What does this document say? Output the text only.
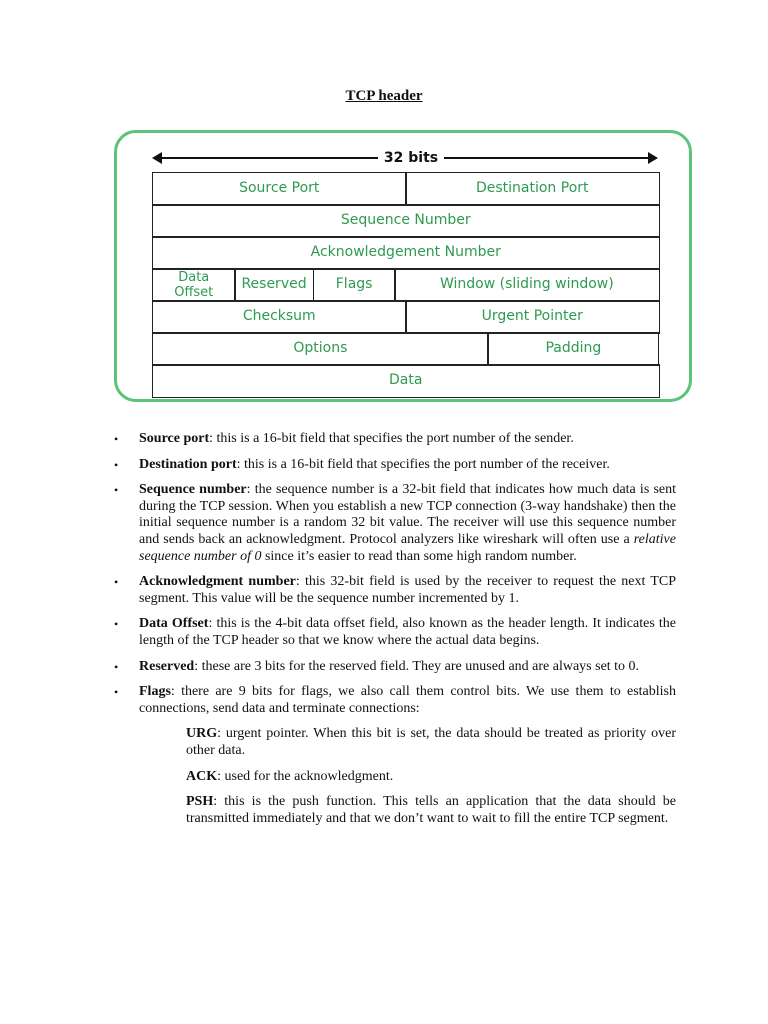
TCP header
32 bits
Source Port	Destination Port
Sequence Number
Acknowledgement Number
Data Offset	Reserved	Flags	Window (sliding window)
Checksum	Urgent Pointer
Options	Padding
Data
• Source port: this is a 16-bit field that specifies the port number of the sender.
• Destination port: this is a 16-bit field that specifies the port number of the receiver.
• Sequence number: the sequence number is a 32-bit field that indicates how much data is sent during the TCP session. When you establish a new TCP connection (3-way handshake) then the initial sequence number is a random 32 bit value. The receiver will use this sequence number and sends back an acknowledgment. Protocol analyzers like wireshark will often use a relative sequence number of 0 since it’s easier to read than some high random number.
• Acknowledgment number: this 32-bit field is used by the receiver to request the next TCP segment. This value will be the sequence number incremented by 1.
• Data Offset: this is the 4-bit data offset field, also known as the header length. It indicates the length of the TCP header so that we know where the actual data begins.
• Reserved: these are 3 bits for the reserved field. They are unused and are always set to 0.
• Flags: there are 9 bits for flags, we also call them control bits. We use them to establish connections, send data and terminate connections:
URG: urgent pointer. When this bit is set, the data should be treated as priority over other data.
ACK: used for the acknowledgment.
PSH: this is the push function. This tells an application that the data should be transmitted immediately and that we don’t want to wait to fill the entire TCP segment.
